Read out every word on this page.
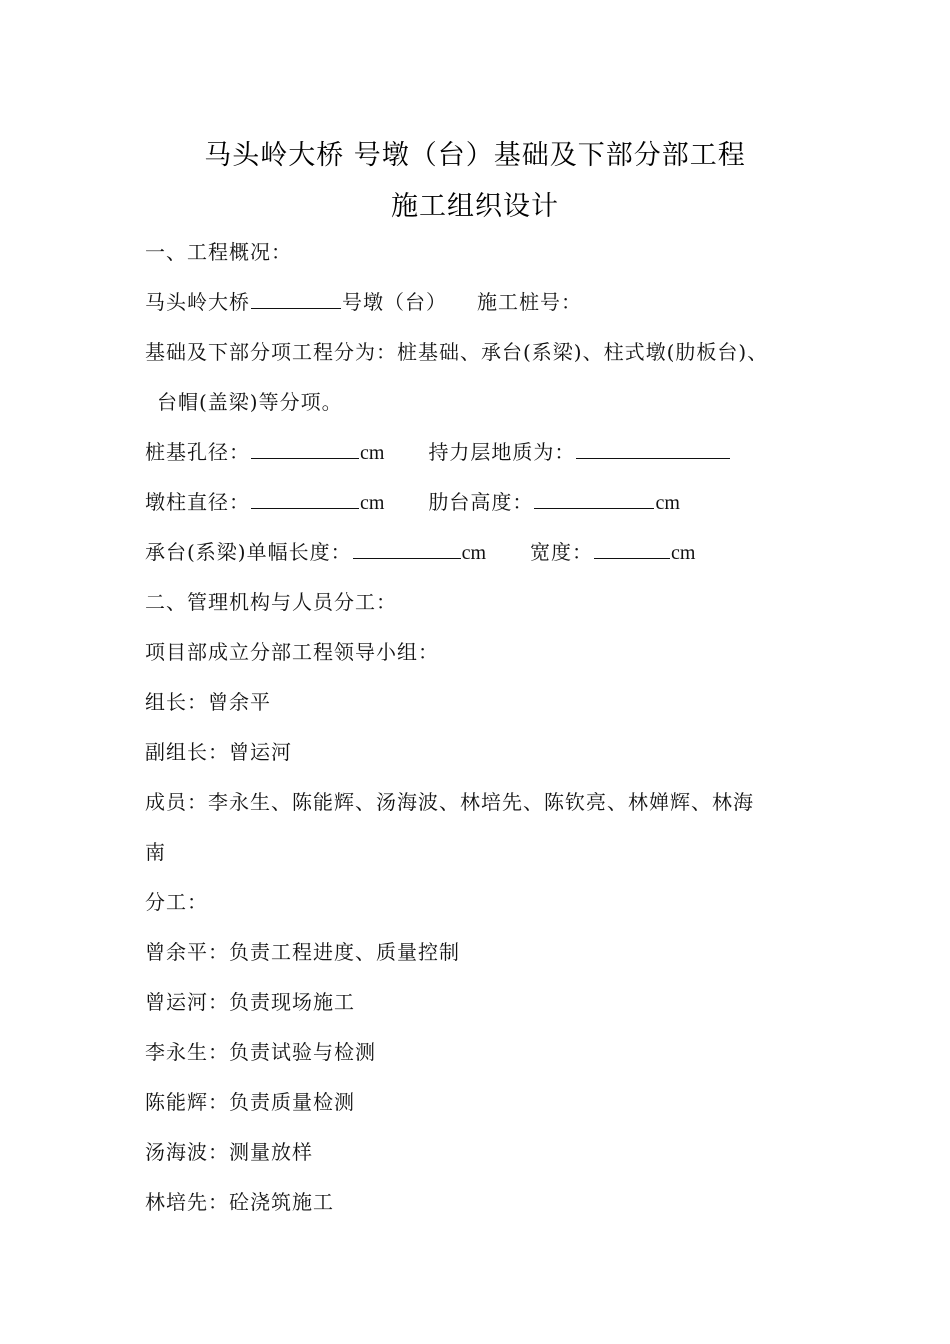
马头岭大桥 号墩（台）基础及下部分部工程
施工组织设计
一、工程概况：
马头岭大桥	号墩（台） 施工桩号：
基础及下部分项工程分为：桩基础、承台(系梁)、柱式墩(肋板台)、
台帽(盖梁)等分项。
桩基孔径：	cm 持力层地质为：
墩柱直径：	cm 肋台高度：	cm
承台(系梁)单幅长度：	cm 宽度：	cm
二、管理机构与人员分工：
项目部成立分部工程领导小组：
组长：曾余平
副组长：曾运河
成员：李永生、陈能辉、汤海波、林培先、陈钦亮、林婵辉、林海
南
分工：
曾余平：负责工程进度、质量控制
曾运河：负责现场施工
李永生：负责试验与检测
陈能辉：负责质量检测
汤海波：测量放样
林培先：砼浇筑施工
